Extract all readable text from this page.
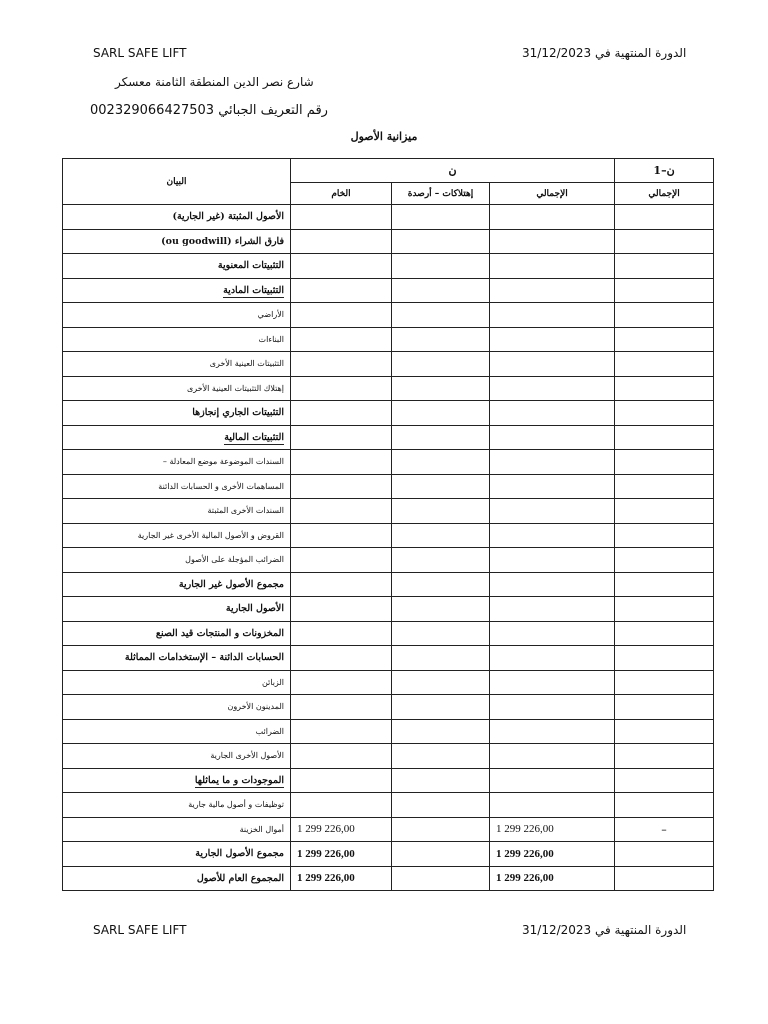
SARL SAFE LIFT	الدورة المنتهية في 31/12/2023
شارع نصر الدين المنطقة الثامنة معسكر
رقم التعريف الجبائي 002329066427503
ميزانية الأصول
البيان	ن			ن–1
	الخام	إهتلاكات – أرصدة	الإجمالي	الإجمالي
الأصول المثبتة (غير الجارية)				
فارق الشراء (ou goodwill)				
التثبيتات المعنوية				
التثبيتات المادية				
الأراضي				
البناءات				
التثبيتات العينية الأخرى				
إهتلاك التثبيتات العينية الأخرى				
التثبيتات الجاري إنجازها				
التثبيتات المالية				
السندات الموضوعة موضع المعادلة –				
المساهمات الأخرى و الحسابات الدائنة				
السندات الأخرى المثبتة				
القروض و الأصول المالية الأخرى غير الجارية				
الضرائب المؤجلة على الأصول				
مجموع الأصول غير الجارية				
الأصول الجارية				
المخزونات و المنتجات قيد الصنع				
الحسابات الدائنة – الإستخدامات المماثلة				
الزبائن				
المدينون الأخرون				
الضرائب				
الأصول الأخرى الجارية				
الموجودات و ما يماثلها				
توظيفات و أصول مالية جارية				
أموال الخزينة	1 299 226,00		1 299 226,00	–
مجموع الأصول الجارية	1 299 226,00		1 299 226,00	
المجموع العام للأصول	1 299 226,00		1 299 226,00	
SARL SAFE LIFT	الدورة المنتهية في 31/12/2023
